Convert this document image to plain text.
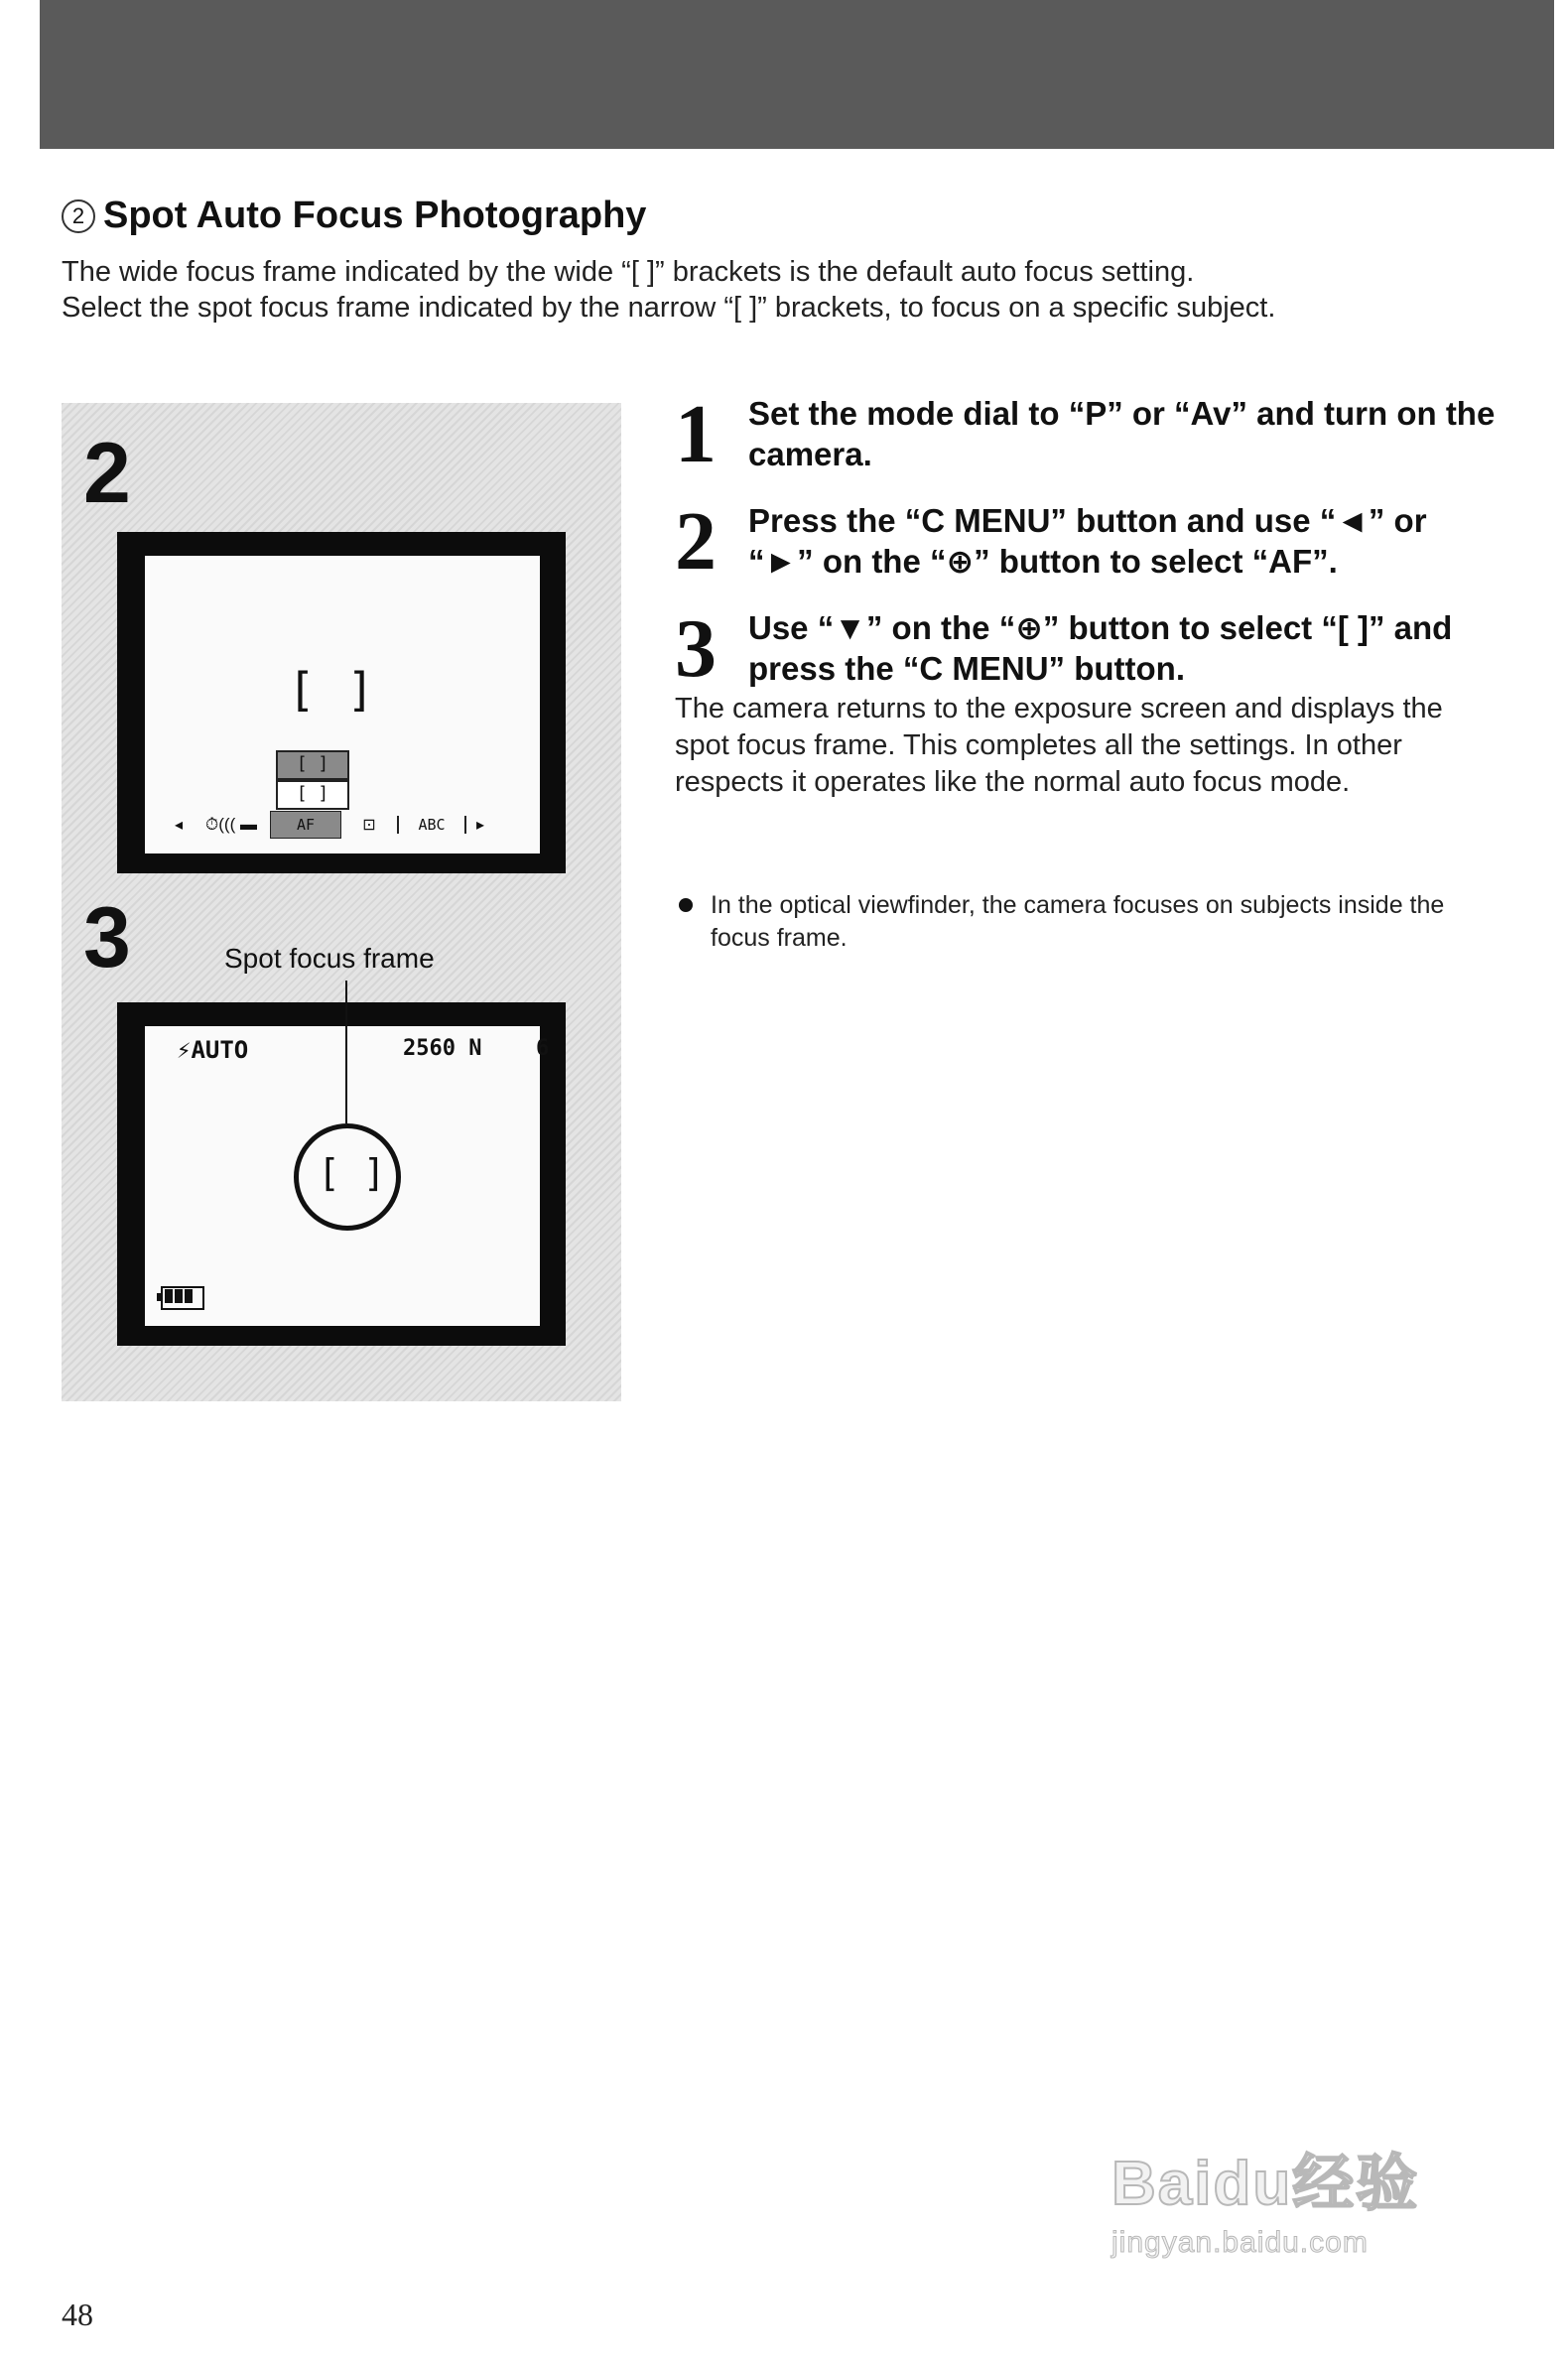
2 Spot Auto Focus Photography

The wide focus frame indicated by the wide “[ ]” brackets is the default auto focus setting.

Select the spot focus frame indicated by the narrow “[ ]” brackets, to focus on a specific subject.

2
[ ]
[ ]
[ ]
◂	⏱((( ▬	AF	⊡	ABC	▸
3	Spot focus frame
⚡AUTO	2560 N 6
[ ]
1 Set the mode dial to “P” or “Av” and turn on the camera.
2 Press the “C MENU” button and use “◄” or “►” on the “⊕” button to select “AF”.
3 Use “▼” on the “⊕” button to select “[ ]” and press the “C MENU” button.
The camera returns to the exposure screen and displays the spot focus frame. This completes all the settings. In other respects it operates like the normal auto focus mode.
In the optical viewfinder, the camera focuses on subjects inside the focus frame.
48
Baidu经验
jingyan.baidu.com
